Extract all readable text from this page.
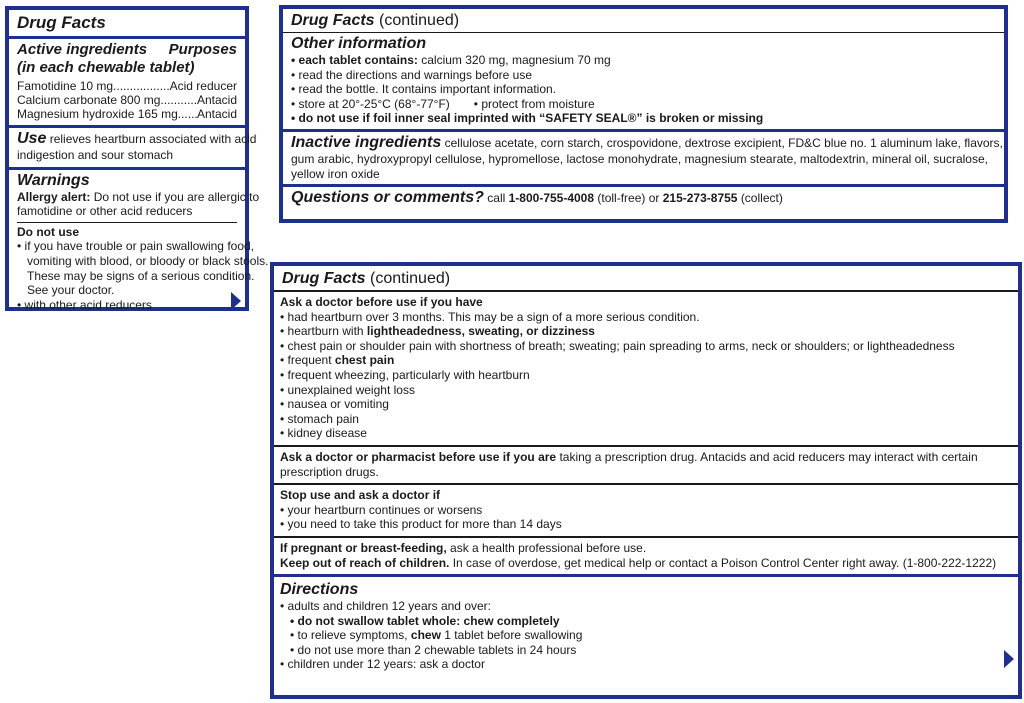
Drug Facts
Active ingredients Purposes
(in each chewable tablet)
Famotidine 10 mg .....	Acid reducer
Calcium carbonate 800 mg .....	Antacid
Magnesium hydroxide 165 mg ..... Antacid
Use relieves heartburn associated with acid
indigestion and sour stomach
Warnings
Allergy alert: Do not use if you are allergic to
famotidine or other acid reducers
Do not use
• if you have trouble or pain swallowing food,
vomiting with blood, or bloody or black stools.
These may be signs of a serious condition.
See your doctor.
• with other acid reducers
Drug Facts (continued)
Other information
• each tablet contains: calcium 320 mg, magnesium 70 mg
• read the directions and warnings before use
• read the bottle. It contains important information.
• store at 20°-25°C (68°-77°F) • protect from moisture
• do not use if foil inner seal imprinted with “SAFETY SEAL®” is broken or missing
Inactive ingredients cellulose acetate, corn starch, crospovidone, dextrose excipient, FD&C blue no. 1 aluminum lake, flavors,
gum arabic, hydroxypropyl cellulose, hypromellose, lactose monohydrate, magnesium stearate, maltodextrin, mineral oil, sucralose,
yellow iron oxide
Questions or comments? call 1-800-755-4008 (toll-free) or 215-273-8755 (collect)
Drug Facts (continued)
Ask a doctor before use if you have
• had heartburn over 3 months. This may be a sign of a more serious condition.
• heartburn with lightheadedness, sweating, or dizziness
• chest pain or shoulder pain with shortness of breath; sweating; pain spreading to arms, neck or shoulders; or lightheadedness
• frequent chest pain
• frequent wheezing, particularly with heartburn
• unexplained weight loss
• nausea or vomiting
• stomach pain
• kidney disease
Ask a doctor or pharmacist before use if you are taking a prescription drug. Antacids and acid reducers may interact with certain
prescription drugs.
Stop use and ask a doctor if
• your heartburn continues or worsens
• you need to take this product for more than 14 days
If pregnant or breast-feeding, ask a health professional before use.
Keep out of reach of children. In case of overdose, get medical help or contact a Poison Control Center right away. (1-800-222-1222)
Directions
• adults and children 12 years and over:
• do not swallow tablet whole: chew completely
• to relieve symptoms, chew 1 tablet before swallowing
• do not use more than 2 chewable tablets in 24 hours
• children under 12 years: ask a doctor
